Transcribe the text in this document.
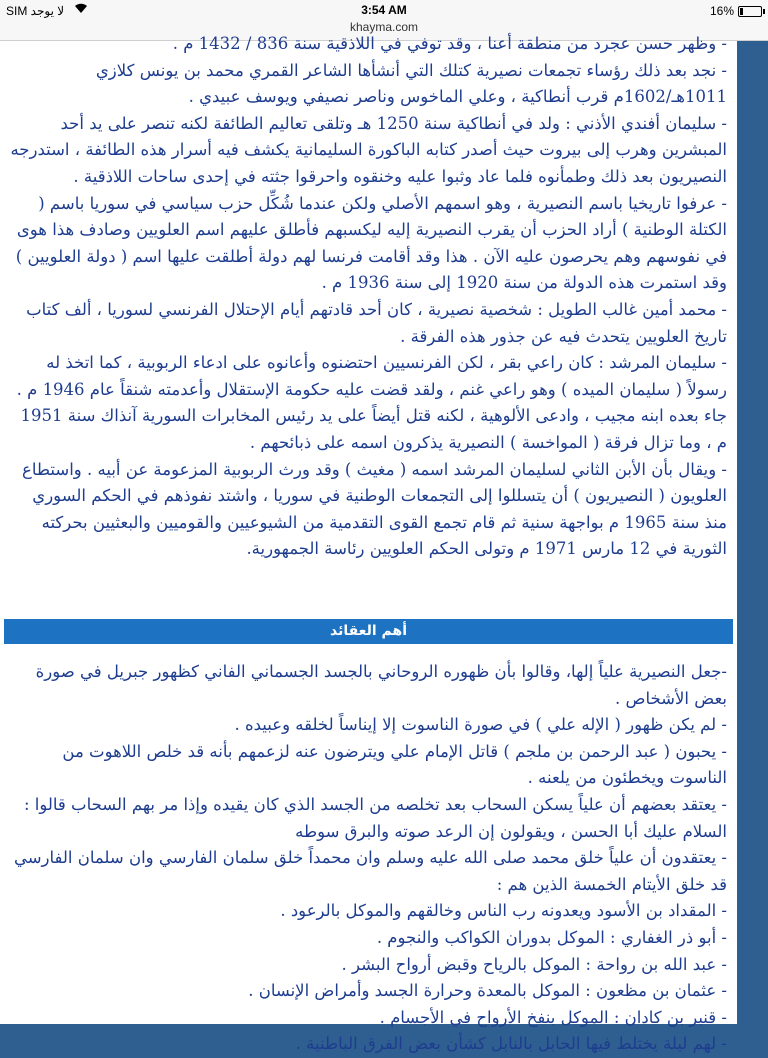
SIM لا يوجد	3:54 AM
khayma.com
16%

- وظهر حسن عجرد من منطقة أعنا ، وقد توفي في اللاذقية سنة 836 / 1432 م .

- نجد بعد ذلك رؤساء تجمعات نصيرية كتلك التي أنشأها الشاعر القمري محمد بن يونس كلازي 1011هـ/1602م قرب أنطاكية ، وعلي الماخوس وناصر نصيفي ويوسف عبيدي .

- سليمان أفندي الأذني : ولد في أنطاكية سنة 1250 هـ وتلقى تعاليم الطائفة لكنه تنصر على يد أحد المبشرين وهرب إلى بيروت حيث أصدر كتابه الباكورة السليمانية يكشف فيه أسرار هذه الطائفة ، استدرجه النصيريون بعد ذلك وطمأنوه فلما عاد وثبوا عليه وخنقوه واحرقوا جثته في إحدى ساحات اللاذقية .

- عرفوا تاريخيا باسم النصيرية ، وهو اسمهم الأصلي ولكن عندما شُكِّل حزب سياسي في سوريا باسم ( الكتلة الوطنية ) أراد الحزب أن يقرب النصيرية إليه ليكسبهم فأطلق عليهم اسم العلويين وصادف هذا هوى في نفوسهم وهم يحرصون عليه الآن . هذا وقد أقامت فرنسا لهم دولة أطلقت عليها اسم ( دولة العلويين ) وقد استمرت هذه الدولة من سنة 1920 إلى سنة 1936 م .

- محمد أمين غالب الطويل : شخصية نصيرية ، كان أحد قادتهم أيام الإحتلال الفرنسي لسوريا ، ألف كتاب تاريخ العلويين يتحدث فيه عن جذور هذه الفرقة .

- سليمان المرشد : كان راعي بقر ، لكن الفرنسيين احتضنوه وأعانوه على ادعاء الربوبية ، كما اتخذ له رسولاً ( سليمان الميده ) وهو راعي غنم ، ولقد قضت عليه حكومة الإستقلال وأعدمته شنقاً عام 1946 م .

جاء بعده ابنه مجيب ، وادعى الألوهية ، لكنه قتل أيضاً على يد رئيس المخابرات السورية آنذاك سنة 1951 م ، وما تزال فرقة ( المواخسة ) النصيرية يذكرون اسمه على ذبائحهم .

- ويقال بأن الأبن الثاني لسليمان المرشد اسمه ( مغيث ) وقد ورث الربوبية المزعومة عن أبيه . واستطاع العلويون ( النصيريون ) أن يتسللوا إلى التجمعات الوطنية في سوريا ، واشتد نفوذهم في الحكم السوري منذ سنة 1965 م بواجهة سنية ثم قام تجمع القوى التقدمية من الشيوعيين والقوميين والبعثيين بحركته الثورية في 12 مارس 1971 م وتولى الحكم العلويين رئاسة الجمهورية.

أهم العقائد

-جعل النصيرية علياً إلها، وقالوا بأن ظهوره الروحاني بالجسد الجسماني الفاني كظهور جبريل في صورة بعض الأشخاص .

- لم يكن ظهور ( الإله علي ) في صورة الناسوت إلا إيناساً لخلقه وعبيده .

- يحبون ( عبد الرحمن بن ملجم ) قاتل الإمام علي ويترضون عنه لزعمهم بأنه قد خلص اللاهوت من الناسوت ويخطئون من يلعنه .

- يعتقد بعضهم أن علياً يسكن السحاب بعد تخلصه من الجسد الذي كان يقيده وإذا مر بهم السحاب قالوا : السلام عليك أبا الحسن ، ويقولون إن الرعد صوته والبرق سوطه

- يعتقدون أن علياً خلق محمد صلى الله عليه وسلم وان محمداً خلق سلمان الفارسي وان سلمان الفارسي قد خلق الأيتام الخمسة الذين هم :

- المقداد بن الأسود ويعدونه رب الناس وخالقهم والموكل بالرعود .

- أبو ذر الغفاري : الموكل بدوران الكواكب والنجوم .

- عبد الله بن رواحة : الموكل بالرياح وقبض أرواح البشر .

- عثمان بن مظعون : الموكل بالمعدة وحرارة الجسد وأمراض الإنسان .

- قنبر بن كادان : الموكل بنفخ الأرواح في الأجسام .

- لهم ليلة يختلط فيها الحابل بالنابل كشأن بعض الفرق الباطنية .
